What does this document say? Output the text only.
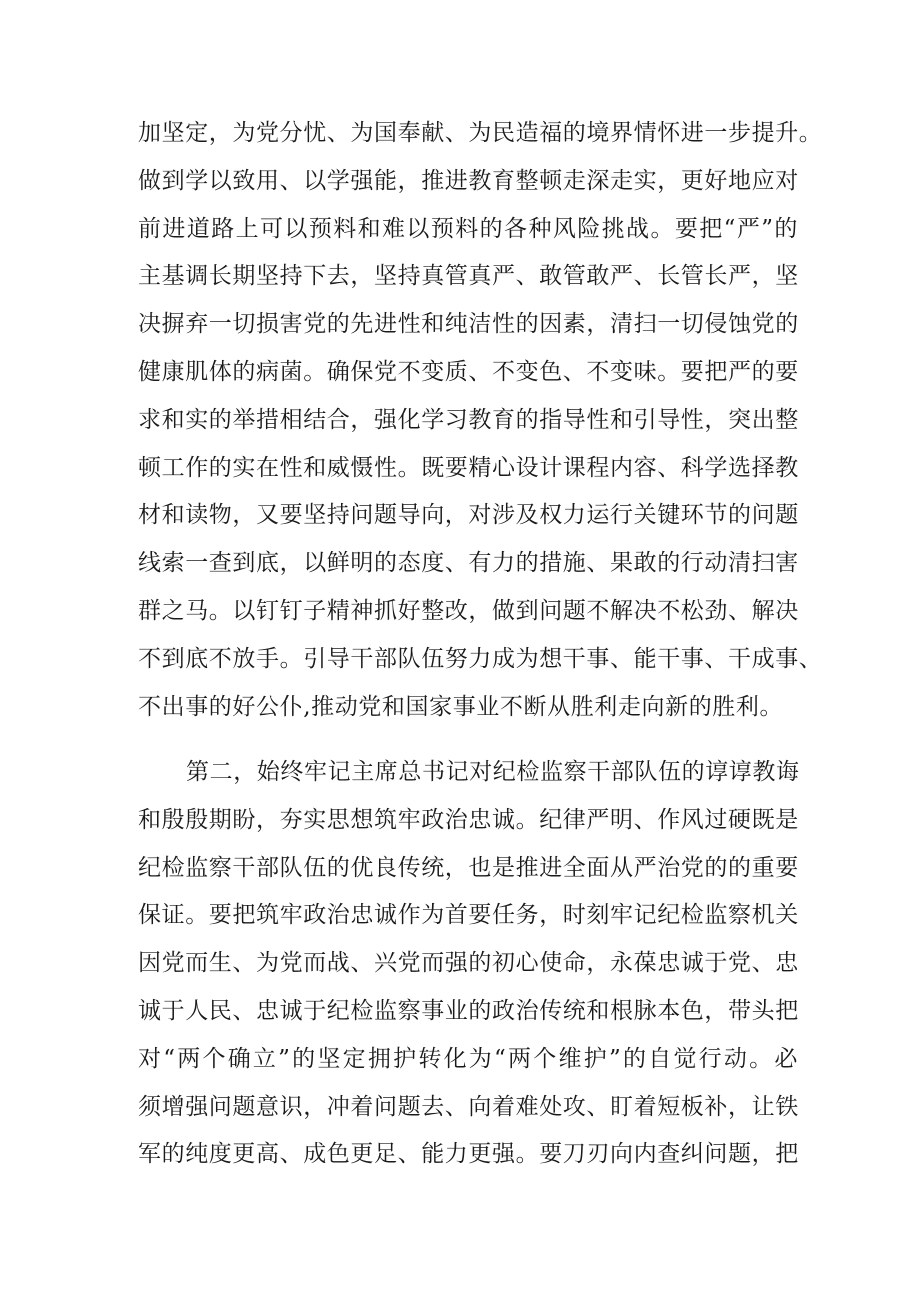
加坚定，为党分忧、为国奉献、为民造福的境界情怀进一步提升。
做到学以致用、以学强能，推进教育整顿走深走实，更好地应对
前进道路上可以预料和难以预料的各种风险挑战。要把“严”的
主基调长期坚持下去，坚持真管真严、敢管敢严、长管长严，坚
决摒弃一切损害党的先进性和纯洁性的因素，清扫一切侵蚀党的
健康肌体的病菌。确保党不变质、不变色、不变味。要把严的要
求和实的举措相结合，强化学习教育的指导性和引导性，突出整
顿工作的实在性和威慑性。既要精心设计课程内容、科学选择教
材和读物，又要坚持问题导向，对涉及权力运行关键环节的问题
线索一查到底，以鲜明的态度、有力的措施、果敢的行动清扫害
群之马。以钉钉子精神抓好整改，做到问题不解决不松劲、解决
不到底不放手。引导干部队伍努力成为想干事、能干事、干成事、
不出事的好公仆,推动党和国家事业不断从胜利走向新的胜利。
第二，始终牢记主席总书记对纪检监察干部队伍的谆谆教诲
和殷殷期盼，夯实思想筑牢政治忠诚。纪律严明、作风过硬既是
纪检监察干部队伍的优良传统，也是推进全面从严治党的的重要
保证。要把筑牢政治忠诚作为首要任务，时刻牢记纪检监察机关
因党而生、为党而战、兴党而强的初心使命，永葆忠诚于党、忠
诚于人民、忠诚于纪检监察事业的政治传统和根脉本色，带头把
对“两个确立”的坚定拥护转化为“两个维护”的自觉行动。必
须增强问题意识，冲着问题去、向着难处攻、盯着短板补，让铁
军的纯度更高、成色更足、能力更强。要刀刃向内查纠问题，把
